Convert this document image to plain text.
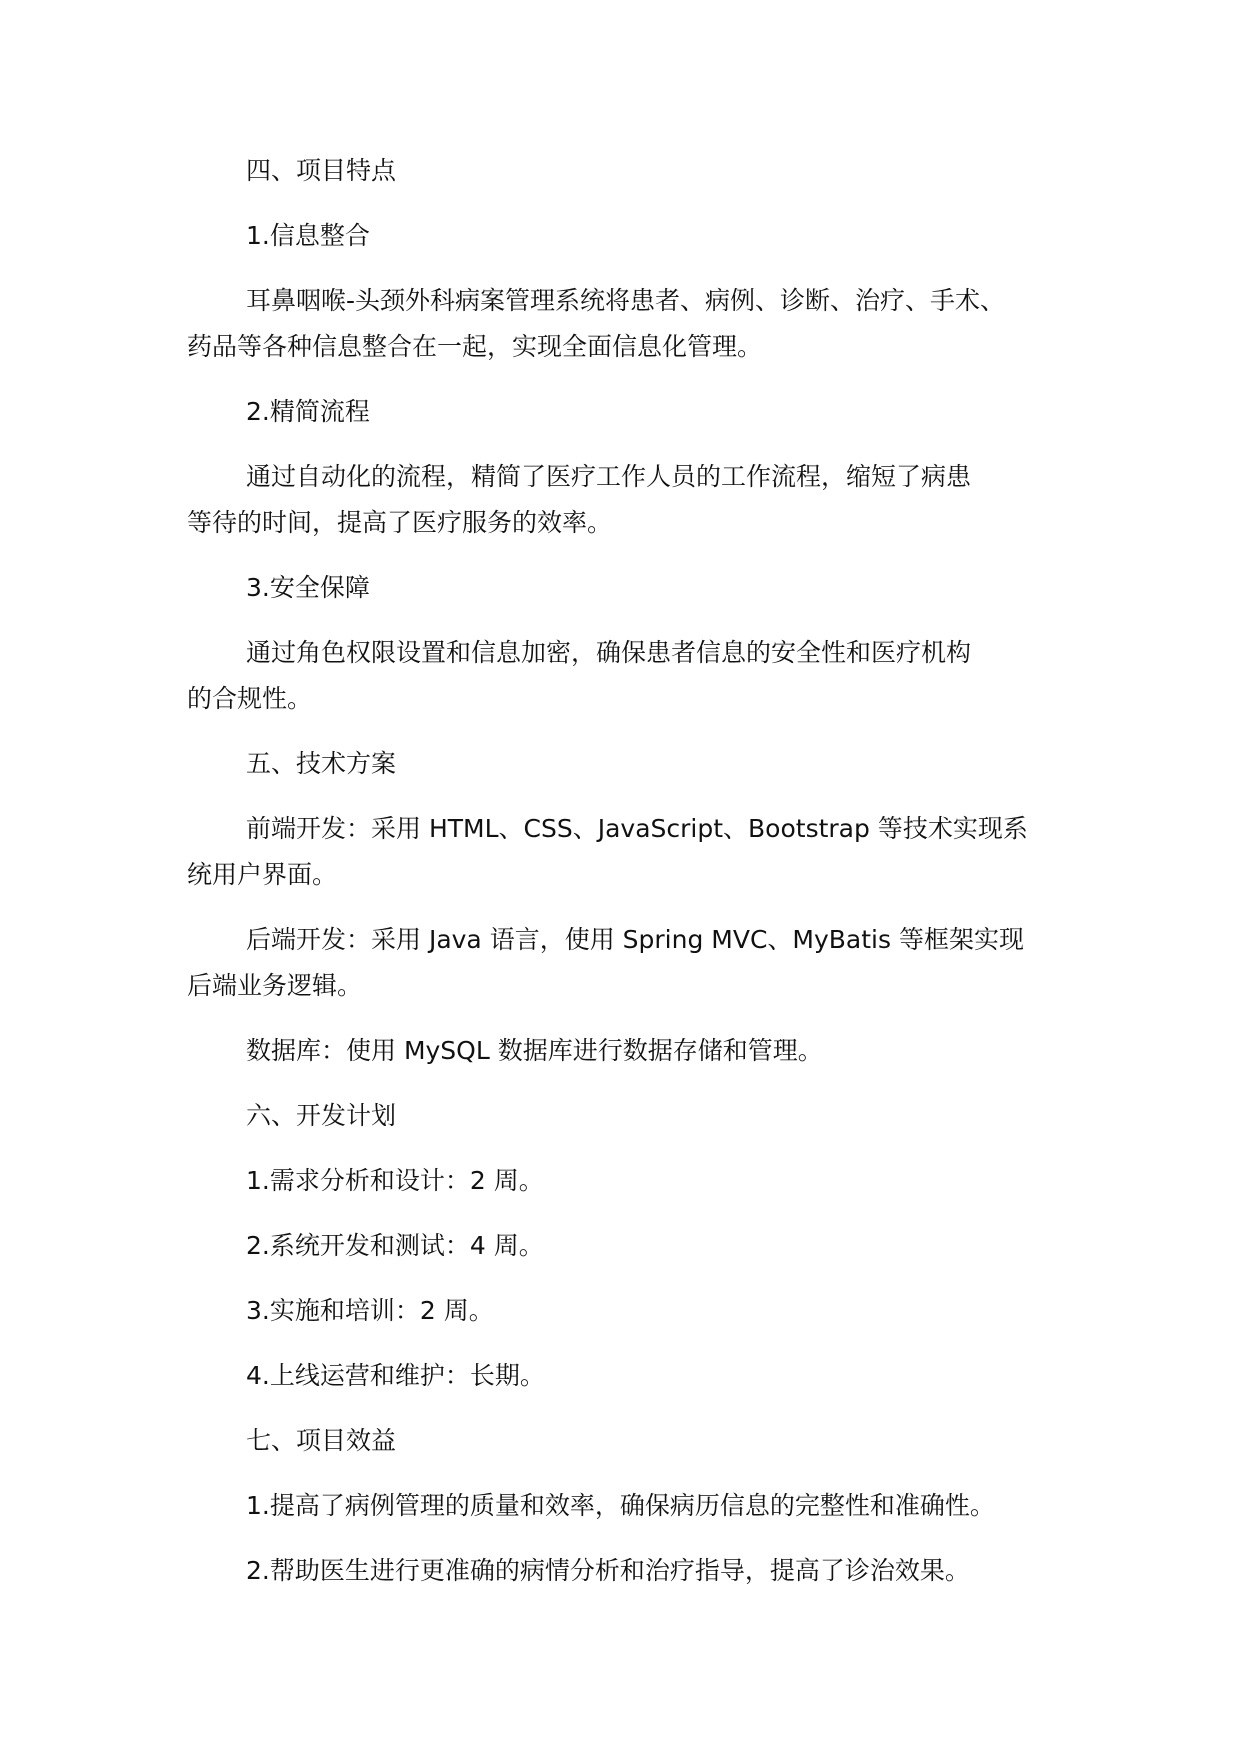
四、项目特点

1.信息整合

耳鼻咽喉-头颈外科病案管理系统将患者、病例、诊断、治疗、手术、
药品等各种信息整合在一起，实现全面信息化管理。

2.精简流程

通过自动化的流程，精简了医疗工作人员的工作流程，缩短了病患
等待的时间，提高了医疗服务的效率。

3.安全保障

通过角色权限设置和信息加密，确保患者信息的安全性和医疗机构
的合规性。

五、技术方案

前端开发：采用 HTML、CSS、JavaScript、Bootstrap 等技术实现系
统用户界面。

后端开发：采用 Java 语言，使用 Spring MVC、MyBatis 等框架实现
后端业务逻辑。

数据库：使用 MySQL 数据库进行数据存储和管理。

六、开发计划

1.需求分析和设计：2 周。

2.系统开发和测试：4 周。

3.实施和培训：2 周。

4.上线运营和维护：长期。

七、项目效益

1.提高了病例管理的质量和效率，确保病历信息的完整性和准确性。

2.帮助医生进行更准确的病情分析和治疗指导，提高了诊治效果。
